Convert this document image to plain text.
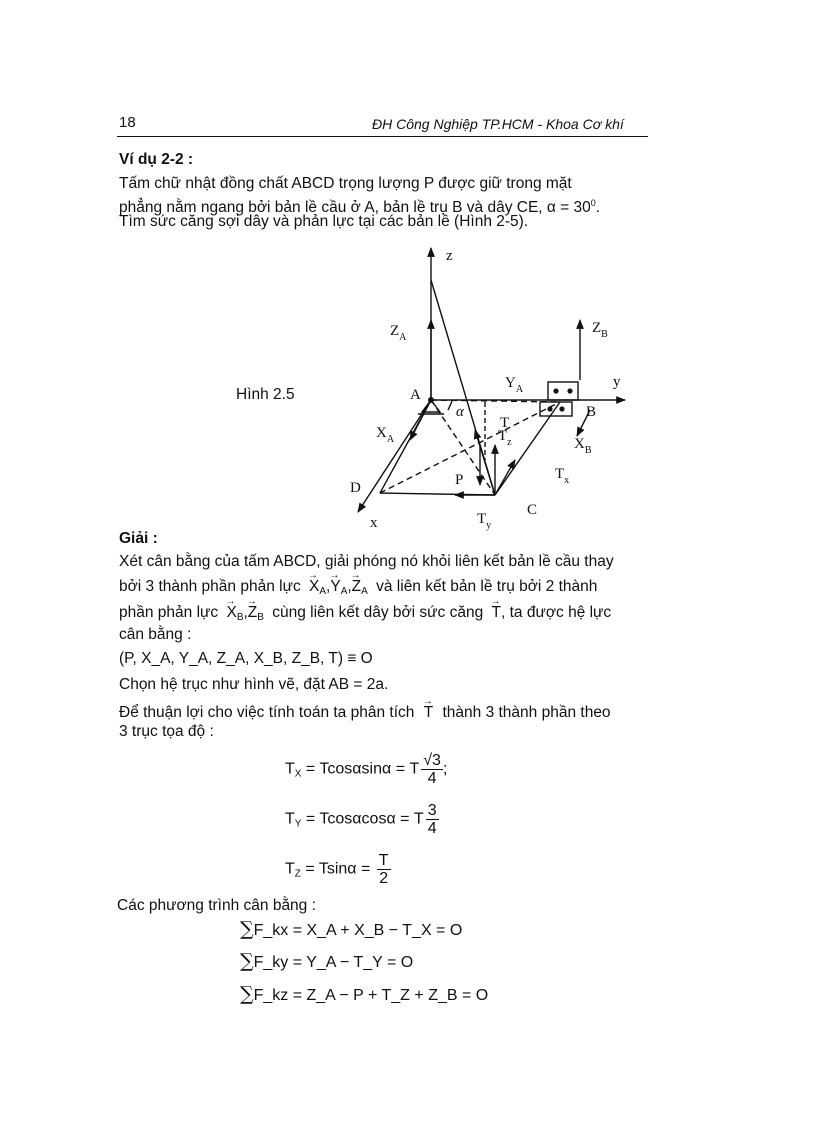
18	ĐH Công Nghiệp TP.HCM - Khoa Cơ khí
Ví dụ 2-2 :
Tấm chữ nhật đồng chất ABCD trọng lượng P được giữ trong mặt
phẳng nằm ngang bởi bản lề cầu ở A, bản lề trụ B và dây CE, $\alpha = 30^0$.
Tìm sức căng sợi dây và phản lực tại các bản lề (Hình 2-5).
Hình 2.5
z
y
x
A
B
C
D
$Z_A$
$Z_B$
$Y_A$
$X_A$	$X_B$
T
$T_z$
$T_x$
$T_y$
P
α
Giải :
Xét cân bằng của tấm ABCD, giải phóng nó khỏi liên kết bản lề cầu thay
bởi 3 thành phần phản lực → $X_A,\to Y_A,\to Z_A$ và liên kết bản lề trụ bởi 2 thành
phần phản lực → $X_B,\to Z_B$ cùng liên kết dây bởi sức căng → T, ta được hệ lực
cân bằng :
(P, X_A, Y_A, Z_A, X_B, Z_B, T) ≡ O
Chọn hệ trục như hình vẽ, đặt AB = 2a.
Để thuận lợi cho việc tính toán ta phân tích → T thành 3 thành phần theo
3 trục tọa độ :
$T_X = Tcos\alpha\sin\alpha = T \frac{√3}{4}$ ;
$T_Y = Tcos\alpha\cos\alpha = T \frac{3}{4}$
$T_Z = Tsin\alpha = \frac{T}{2}$
Các phương trình cân bằng :
∑F_kx = X_A + X_B − T_X = O
∑F_ky = Y_A − T_Y = O
∑F_kz = Z_A − P + T_Z + Z_B = O
